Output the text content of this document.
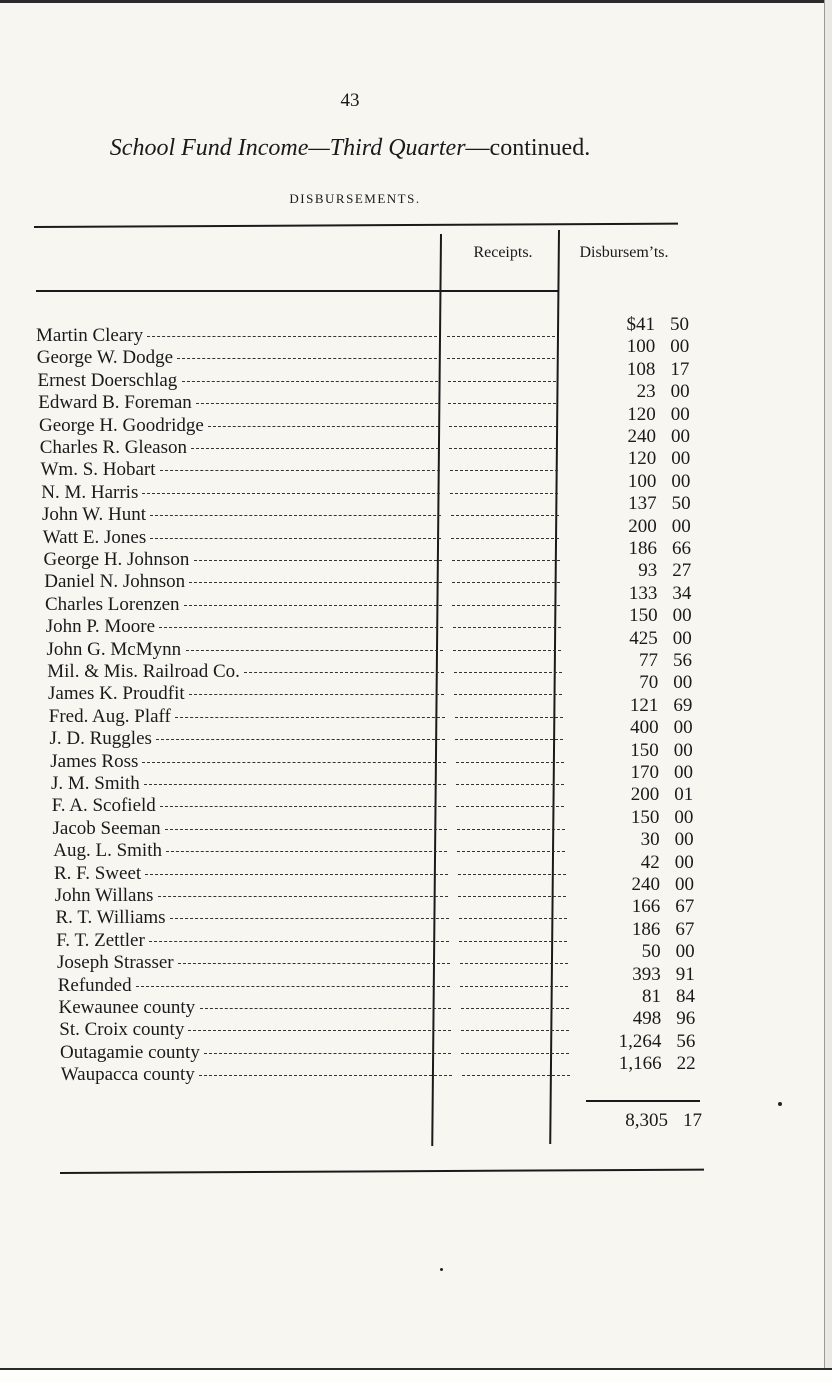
43
School Fund Income—Third Quarter—continued.
DISBURSEMENTS.
Receipts.	Disbursem’ts.
Martin Cleary
$41 50
George W. Dodge
100 00
Ernest Doerschlag
108 17
Edward B. Foreman
23 00
George H. Goodridge
120 00
Charles R. Gleason
240 00
Wm. S. Hobart
120 00
N. M. Harris
100 00
John W. Hunt
137 50
Watt E. Jones
200 00
George H. Johnson
186 66
Daniel N. Johnson
93 27
Charles Lorenzen
133 34
John P. Moore
150 00
John G. McMynn
425 00
Mil. & Mis. Railroad Co.
77 56
James K. Proudfit
70 00
Fred. Aug. Plaff
121 69
J. D. Ruggles
400 00
James Ross
150 00
J. M. Smith
170 00
F. A. Scofield
200 01
Jacob Seeman
150 00
Aug. L. Smith
30 00
R. F. Sweet
42 00
John Willans
240 00
R. T. Williams
166 67
F. T. Zettler
186 67
Joseph Strasser
50 00
Refunded
393 91
Kewaunee county
81 84
St. Croix county
498 96
Outagamie county
1,264 56
Waupacca county
1,166 22
8,305 17
